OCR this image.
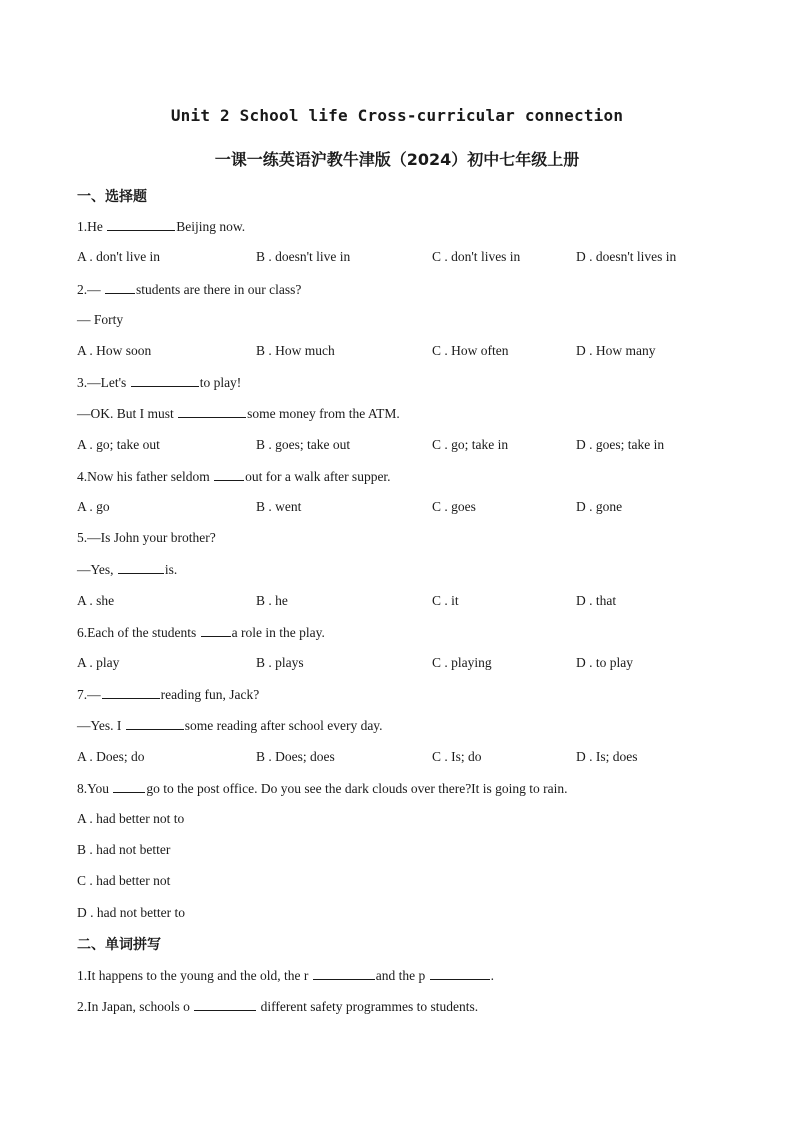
Unit 2 School life Cross-curricular connection
一课一练英语沪教牛津版（2024）初中七年级上册
一、选择题
1.He	Beijing now.
A . don't live in	B . doesn't live in	C . don't lives in	D . doesn't lives in
2.— students are there in our class?
— Forty
A . How soon	B . How much	C . How often	D . How many
3.—Let's	to play!
—OK. But I must	some money from the ATM.
A . go; take out	B . goes; take out	C . go; take in	D . goes; take in
4.Now his father seldom out for a walk after supper.
A . go	B . went	C . goes	D . gone
5.—Is John your brother?
—Yes,	is.
A . she	B . he	C . it	D . that
6.Each of the students a role in the play.
A . play	B . plays	C . playing	D . to play
7.—	reading fun, Jack?
—Yes. I	some reading after school every day.
A . Does; do	B . Does; does	C . Is; do	D . Is; does
8.You	go to the post office. Do you see the dark clouds over there?It is going to rain.
A . had better not to
B . had not better
C . had better not
D . had not better to
二、单词拼写
1.It happens to the young and the old, the r	and the p	.
2.In Japan, schools o	different safety programmes to students.
